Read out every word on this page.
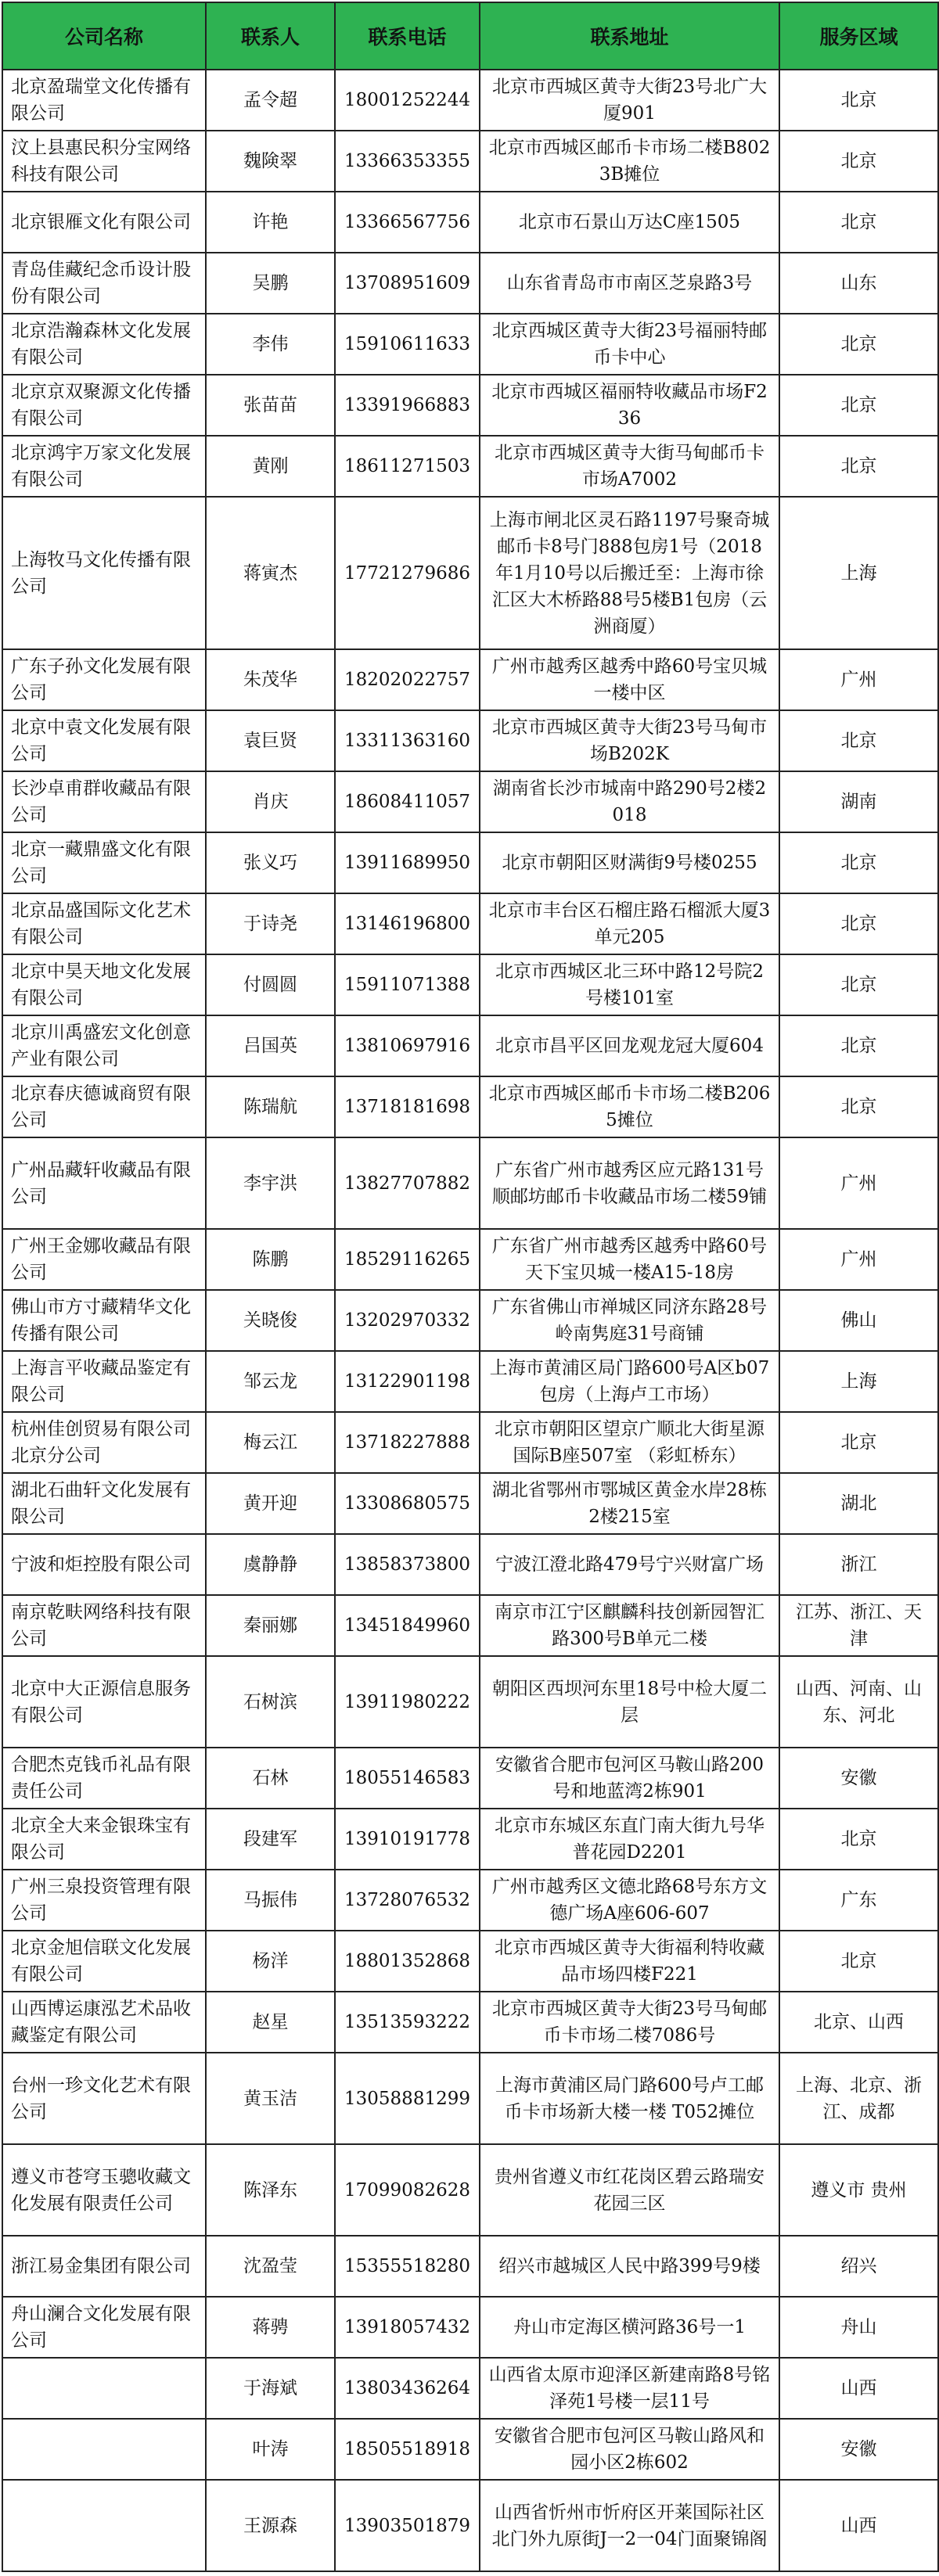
公司名称	联系人	联系电话	联系地址	服务区域
北京盈瑞堂文化传播有限公司	孟令超	18001252244	北京市西城区黄寺大街23号北广大厦901	北京
汶上县惠民积分宝网络科技有限公司	魏険翠	13366353355	北京市西城区邮币卡市场二楼B8023B摊位	北京
北京银雁文化有限公司	许艳	13366567756	北京市石景山万达C座1505	北京
青岛佳藏纪念币设计股份有限公司	吴鹏	13708951609	山东省青岛市市南区芝泉路3号	山东
北京浩瀚森林文化发展有限公司	李伟	15910611633	北京西城区黄寺大街23号福丽特邮币卡中心	北京
北京京双聚源文化传播有限公司	张苗苗	13391966883	北京市西城区福丽特收藏品市场F236	北京
北京鸿宇万家文化发展有限公司	黄刚	18611271503	北京市西城区黄寺大街马甸邮币卡市场A7002	北京
上海牧马文化传播有限公司	蒋寅杰	17721279686	上海市闸北区灵石路1197号聚奇城邮币卡8号门888包房1号（2018年1月10号以后搬迁至：上海市徐汇区大木桥路88号5楼B1包房（云洲商厦）	上海
广东子孙文化发展有限公司	朱茂华	18202022757	广州市越秀区越秀中路60号宝贝城一楼中区	广州
北京中袁文化发展有限公司	袁巨贤	13311363160	北京市西城区黄寺大街23号马甸市场B202K	北京
长沙卓甫群收藏品有限公司	肖庆	18608411057	湖南省长沙市城南中路290号2楼2018	湖南
北京一藏鼎盛文化有限公司	张义巧	13911689950	北京市朝阳区财满街9号楼0255	北京
北京品盛国际文化艺术有限公司	于诗尧	13146196800	北京市丰台区石榴庄路石榴派大厦3单元205	北京
北京中昊天地文化发展有限公司	付圆圆	15911071388	北京市西城区北三环中路12号院2号楼101室	北京
北京川禹盛宏文化创意产业有限公司	吕国英	13810697916	北京市昌平区回龙观龙冠大厦604	北京
北京春庆德诚商贸有限公司	陈瑞航	13718181698	北京市西城区邮币卡市场二楼B2065摊位	北京
广州品藏轩收藏品有限公司	李宇洪	13827707882	广东省广州市越秀区应元路131号顺邮坊邮币卡收藏品市场二楼59铺	广州
广州王金娜收藏品有限公司	陈鹏	18529116265	广东省广州市越秀区越秀中路60号天下宝贝城一楼A15-18房	广州
佛山市方寸藏精华文化传播有限公司	关晓俊	13202970332	广东省佛山市禅城区同济东路28号岭南隽庭31号商铺	佛山
上海言平收藏品鉴定有限公司	邹云龙	13122901198	上海市黄浦区局门路600号A区b07包房（上海卢工市场）	上海
杭州佳创贸易有限公司北京分公司	梅云江	13718227888	北京市朝阳区望京广顺北大街星源国际B座507室 （彩虹桥东）	北京
湖北石曲轩文化发展有限公司	黄开迎	13308680575	湖北省鄂州市鄂城区黄金水岸28栋2楼215室	湖北
宁波和炬控股有限公司	虞静静	13858373800	宁波江澄北路479号宁兴财富广场	浙江
南京乾畉网络科技有限公司	秦丽娜	13451849960	南京市江宁区麒麟科技创新园智汇路300号B单元二楼	江苏、浙江、天津
北京中大正源信息服务有限公司	石树滨	13911980222	朝阳区西坝河东里18号中检大厦二层	山西、河南、山东、河北
合肥杰克钱币礼品有限责任公司	石林	18055146583	安徽省合肥市包河区马鞍山路200号和地蓝湾2栋901	安徽
北京全大来金银珠宝有限公司	段建军	13910191778	北京市东城区东直门南大街九号华普花园D2201	北京
广州三泉投资管理有限公司	马振伟	13728076532	广州市越秀区文德北路68号东方文德广场A座606-607	广东
北京金旭信联文化发展有限公司	杨洋	18801352868	北京市西城区黄寺大街福利特收藏品市场四楼F221	北京
山西博运康泓艺术品收藏鉴定有限公司	赵星	13513593222	北京市西城区黄寺大街23号马甸邮币卡市场二楼7086号	北京、山西
台州一珍文化艺术有限公司	黄玉洁	13058881299	上海市黄浦区局门路600号卢工邮币卡市场新大楼一楼 T052摊位	上海、北京、浙江、成都
遵义市苍穹玉骢收藏文化发展有限责任公司	陈泽东	17099082628	贵州省遵义市红花岗区碧云路瑞安花园三区	遵义市 贵州
浙江易金集团有限公司	沈盈莹	15355518280	绍兴市越城区人民中路399号9楼	绍兴
舟山澜合文化发展有限公司	蒋骋	13918057432	舟山市定海区横河路36号一1	舟山
	于海斌	13803436264	山西省太原市迎泽区新建南路8号铭泽苑1号楼一层11号	山西
	叶涛	18505518918	安徽省合肥市包河区马鞍山路风和园小区2栋602	安徽
	王源森	13903501879	山西省忻州市忻府区开莱国际社区北门外九原街J一2一04门面聚锦阁	山西
